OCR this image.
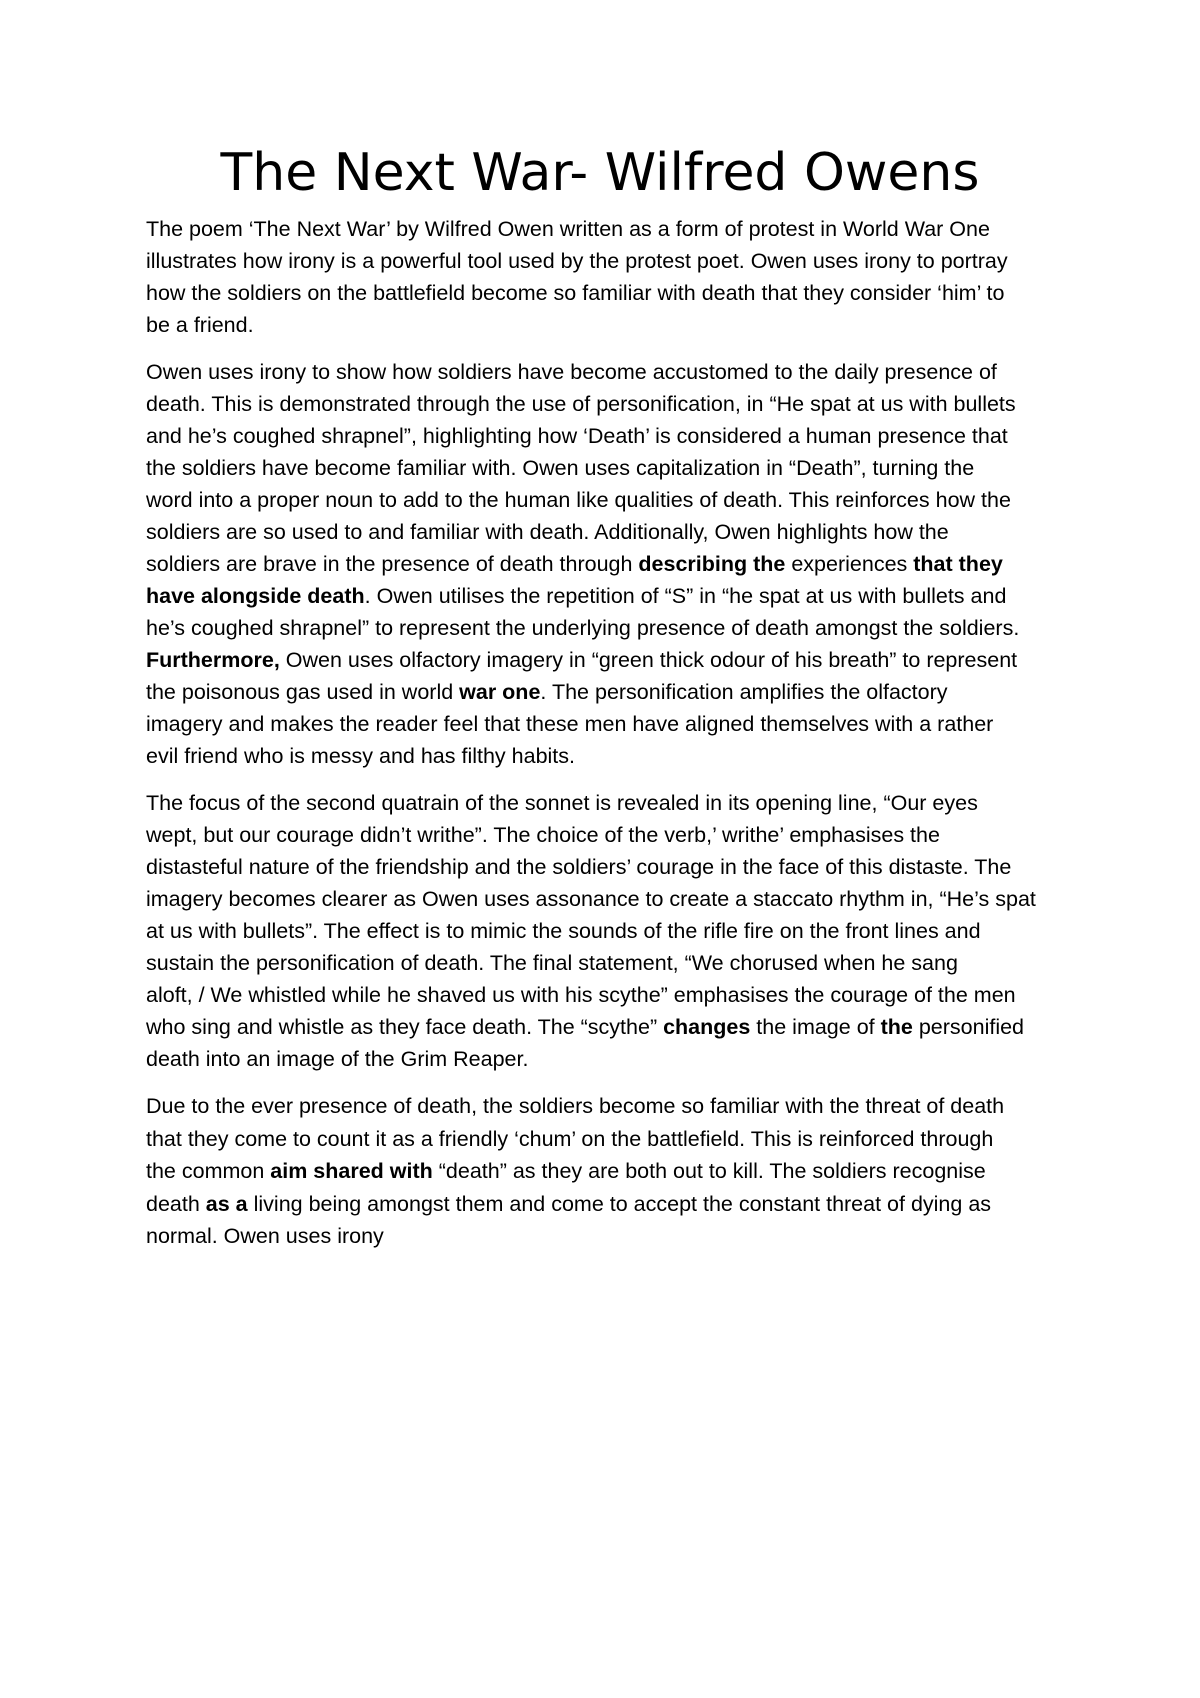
The Next War- Wilfred Owens

The poem ‘The Next War’ by Wilfred Owen written as a form of protest in World War One
illustrates how irony is a powerful tool used by the protest poet. Owen uses irony to portray
how the soldiers on the battlefield become so familiar with death that they consider ‘him’ to
be a friend.

Owen uses irony to show how soldiers have become accustomed to the daily presence of
death. This is demonstrated through the use of personification, in “He spat at us with bullets
and he’s coughed shrapnel”, highlighting how ‘Death’ is considered a human presence that
the soldiers have become familiar with. Owen uses capitalization in “Death”, turning the
word into a proper noun to add to the human like qualities of death. This reinforces how the
soldiers are so used to and familiar with death. Additionally, Owen highlights how the
soldiers are brave in the presence of death through describing the experiences that they
have alongside death. Owen utilises the repetition of “S” in “he spat at us with bullets and
he’s coughed shrapnel” to represent the underlying presence of death amongst the soldiers.
Furthermore, Owen uses olfactory imagery in “green thick odour of his breath” to represent
the poisonous gas used in world war one. The personification amplifies the olfactory
imagery and makes the reader feel that these men have aligned themselves with a rather
evil friend who is messy and has filthy habits.

The focus of the second quatrain of the sonnet is revealed in its opening line, “Our eyes
wept, but our courage didn’t writhe”. The choice of the verb,’ writhe’ emphasises the
distasteful nature of the friendship and the soldiers’ courage in the face of this distaste. The
imagery becomes clearer as Owen uses assonance to create a staccato rhythm in, “He’s spat
at us with bullets”. The effect is to mimic the sounds of the rifle fire on the front lines and
sustain the personification of death. The final statement, “We chorused when he sang
aloft, / We whistled while he shaved us with his scythe” emphasises the courage of the men
who sing and whistle as they face death. The “scythe” changes the image of the personified
death into an image of the Grim Reaper.

Due to the ever presence of death, the soldiers become so familiar with the threat of death
that they come to count it as a friendly ‘chum’ on the battlefield. This is reinforced through
the common aim shared with “death” as they are both out to kill. The soldiers recognise
death as a living being amongst them and come to accept the constant threat of dying as
normal. Owen uses irony
